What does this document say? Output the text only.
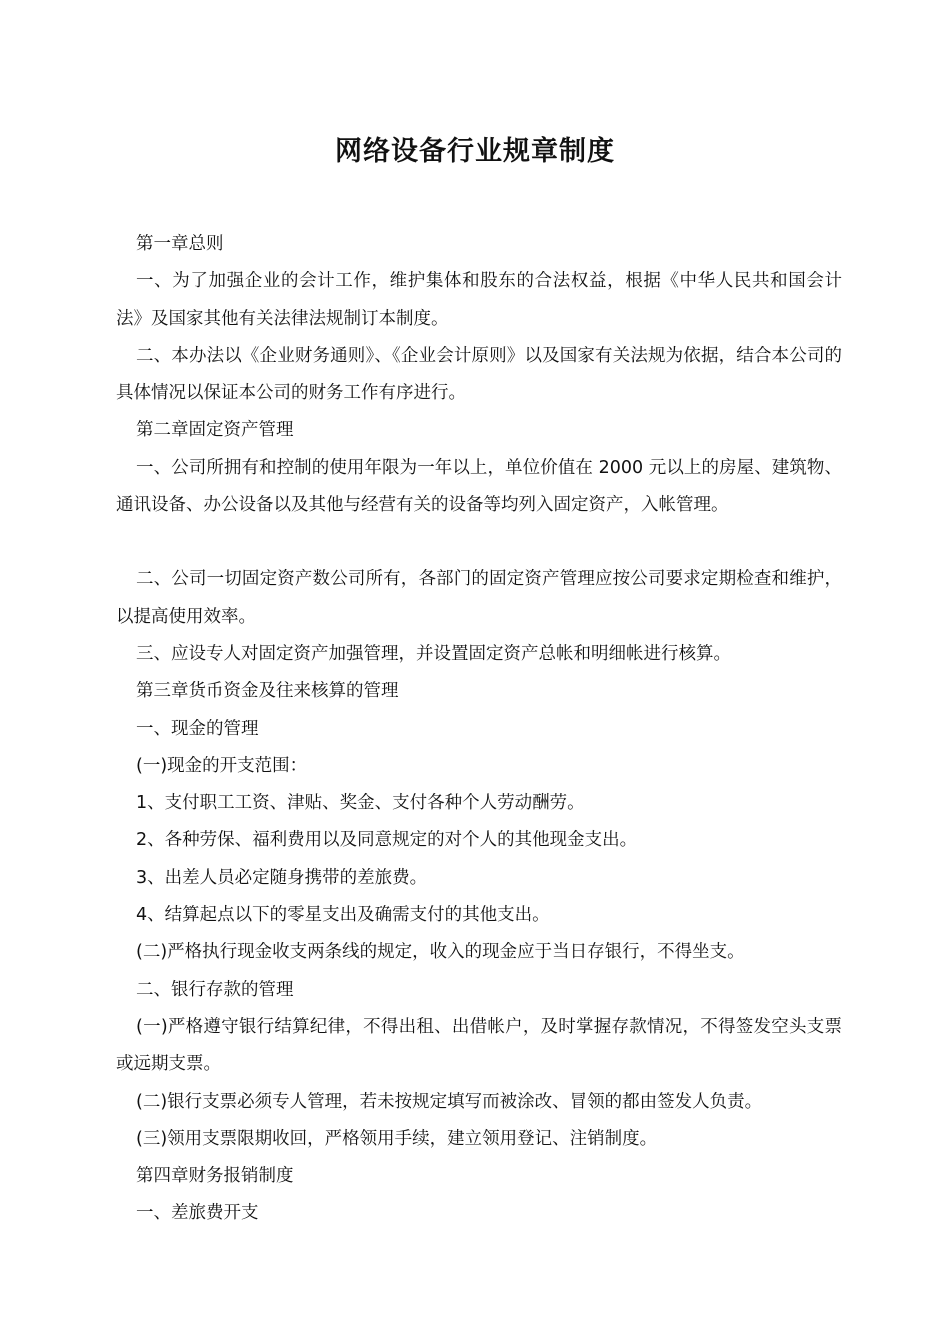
网络设备行业规章制度

第一章总则

一、为了加强企业的会计工作，维护集体和股东的合法权益，根据《中华人民共和国会计法》及国家其他有关法律法规制订本制度。

二、本办法以《企业财务通则》、《企业会计原则》以及国家有关法规为依据，结合本公司的具体情况以保证本公司的财务工作有序进行。

第二章固定资产管理

一、公司所拥有和控制的使用年限为一年以上，单位价值在 2000 元以上的房屋、建筑物、通讯设备、办公设备以及其他与经营有关的设备等均列入固定资产，入帐管理。

二、公司一切固定资产数公司所有，各部门的固定资产管理应按公司要求定期检查和维护，以提高使用效率。

三、应设专人对固定资产加强管理，并设置固定资产总帐和明细帐进行核算。

第三章货币资金及往来核算的管理

一、现金的管理

(一)现金的开支范围：

1、支付职工工资、津贴、奖金、支付各种个人劳动酬劳。

2、各种劳保、福利费用以及同意规定的对个人的其他现金支出。

3、出差人员必定随身携带的差旅费。

4、结算起点以下的零星支出及确需支付的其他支出。

(二)严格执行现金收支两条线的规定，收入的现金应于当日存银行，不得坐支。

二、银行存款的管理

(一)严格遵守银行结算纪律，不得出租、出借帐户，及时掌握存款情况，不得签发空头支票或远期支票。

(二)银行支票必须专人管理，若未按规定填写而被涂改、冒领的都由签发人负责。

(三)领用支票限期收回，严格领用手续，建立领用登记、注销制度。

第四章财务报销制度

一、差旅费开支
